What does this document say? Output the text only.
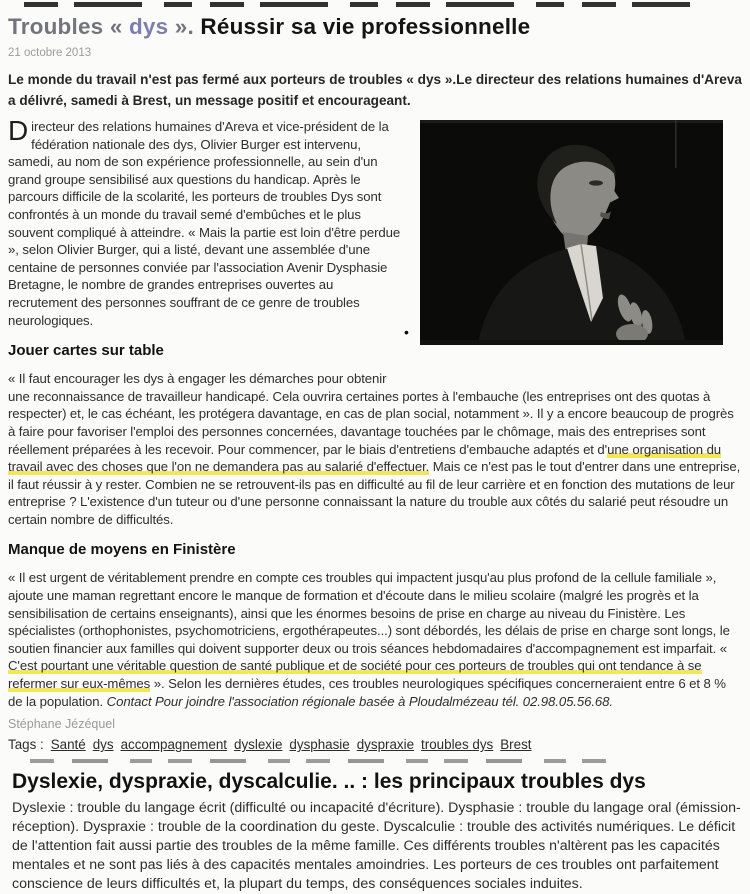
Troubles « dys ». Réussir sa vie professionnelle
21 octobre 2013

Le monde du travail n'est pas fermé aux porteurs de troubles « dys ».Le directeur des relations humaines d'Areva a délivré, samedi à Brest, un message positif et encourageant.

•

Directeur des relations humaines d'Areva et vice-président de la fédération nationale des dys, Olivier Burger est intervenu, samedi, au nom de son expérience professionnelle, au sein d'un grand groupe sensibilisé aux questions du handicap. Après le parcours difficile de la scolarité, les porteurs de troubles Dys sont confrontés à un monde du travail semé d'embûches et le plus souvent compliqué à atteindre. « Mais la partie est loin d'être perdue », selon Olivier Burger, qui a listé, devant une assemblée d'une centaine de personnes conviée par l'association Avenir Dysphasie Bretagne, le nombre de grandes entreprises ouvertes au recrutement des personnes souffrant de ce genre de troubles neurologiques.

Jouer cartes sur table

« Il faut encourager les dys à engager les démarches pour obtenir une reconnaissance de travailleur handicapé. Cela ouvrira certaines portes à l'embauche (les entreprises ont des quotas à respecter) et, le cas échéant, les protégera davantage, en cas de plan social, notamment ». Il y a encore beaucoup de progrès à faire pour favoriser l'emploi des personnes concernées, davantage touchées par le chômage, mais des entreprises sont réellement préparées à les recevoir. Pour commencer, par le biais d'entretiens d'embauche adaptés et d'une organisation du travail avec des choses que l'on ne demandera pas au salarié d'effectuer. Mais ce n'est pas le tout d'entrer dans une entreprise, il faut réussir à y rester. Combien ne se retrouvent-ils pas en difficulté au fil de leur carrière et en fonction des mutations de leur entreprise ? L'existence d'un tuteur ou d'une personne connaissant la nature du trouble aux côtés du salarié peut résoudre un certain nombre de difficultés.

Manque de moyens en Finistère

« Il est urgent de véritablement prendre en compte ces troubles qui impactent jusqu'au plus profond de la cellule familiale », ajoute une maman regrettant encore le manque de formation et d'écoute dans le milieu scolaire (malgré les progrès et la sensibilisation de certains enseignants), ainsi que les énormes besoins de prise en charge au niveau du Finistère. Les spécialistes (orthophonistes, psychomotriciens, ergothérapeutes...) sont débordés, les délais de prise en charge sont longs, le soutien financier aux familles qui doivent supporter deux ou trois séances hebdomadaires d'accompagnement est imparfait. « C'est pourtant une véritable question de santé publique et de société pour ces porteurs de troubles qui ont tendance à se refermer sur eux-mêmes ». Selon les dernières études, ces troubles neurologiques spécifiques concerneraient entre 6 et 8 % de la population. Contact Pour joindre l'association régionale basée à Ploudalmézeau tél. 02.98.05.56.68.

Stéphane Jézéquel
Tags : Santé dys accompagnement dyslexie dysphasie dyspraxie troubles dys Brest
Dyslexie, dyspraxie, dyscalculie. .. : les principaux troubles dys

Dyslexie : trouble du langage écrit (difficulté ou incapacité d'écriture). Dysphasie : trouble du langage oral (émission-réception). Dyspraxie : trouble de la coordination du geste. Dyscalculie : trouble des activités numériques. Le déficit de l'attention fait aussi partie des troubles de la même famille. Ces différents troubles n'altèrent pas les capacités mentales et ne sont pas liés à des capacités mentales amoindries. Les porteurs de ces troubles ont parfaitement conscience de leurs difficultés et, la plupart du temps, des conséquences sociales induites.
